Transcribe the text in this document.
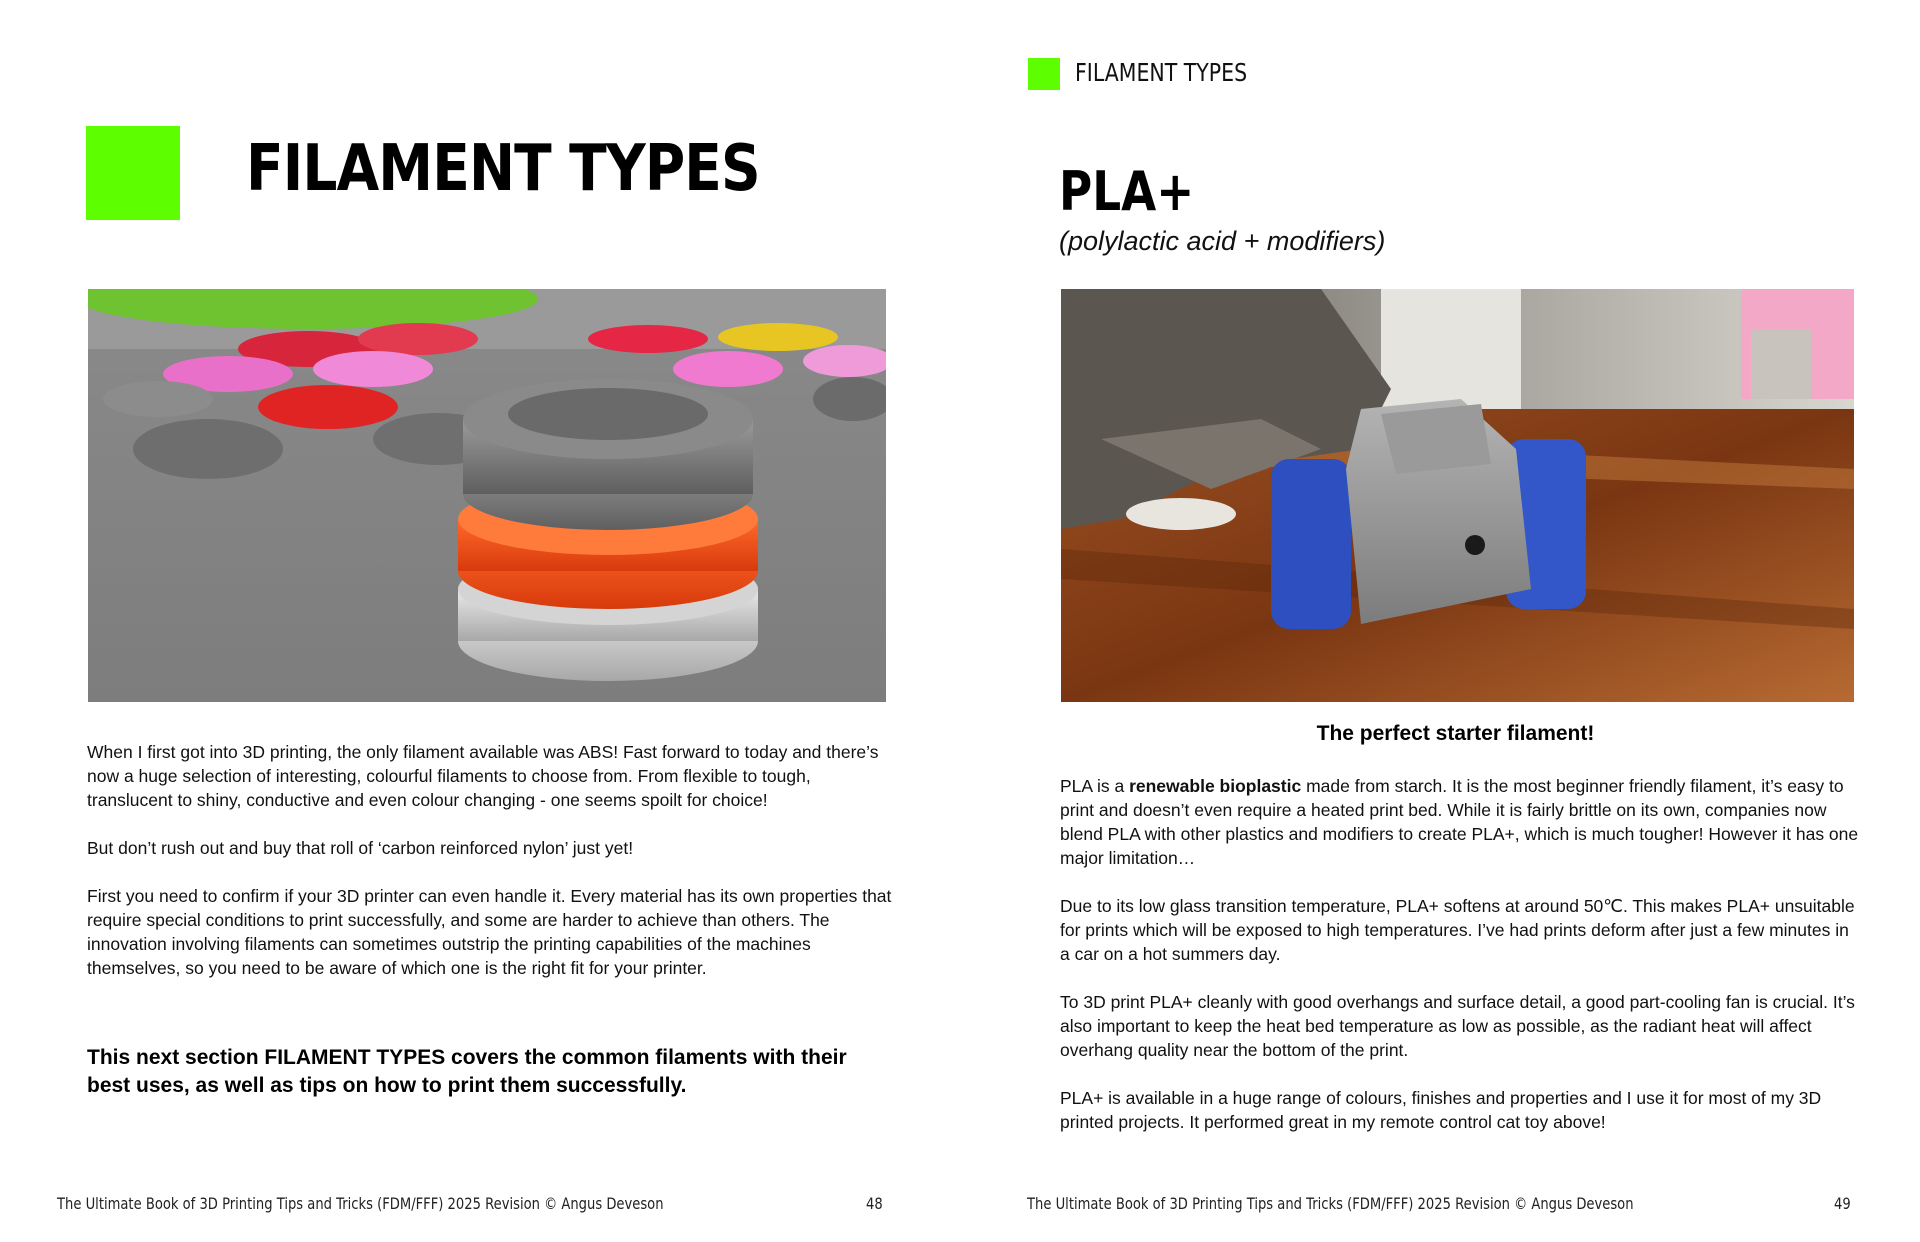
FILAMENT TYPES

When I first got into 3D printing, the only filament available was ABS! Fast forward to today and there’s now a huge selection of interesting, colourful filaments to choose from. From flexible to tough, translucent to shiny, conductive and even colour changing - one seems spoilt for choice!

But don’t rush out and buy that roll of ‘carbon reinforced nylon’ just yet!

First you need to confirm if your 3D printer can even handle it. Every material has its own properties that require special conditions to print successfully, and some are harder to achieve than others. The innovation involving filaments can sometimes outstrip the printing capabilities of the machines themselves, so you need to be aware of which one is the right fit for your printer.

This next section FILAMENT TYPES covers the common filaments with their best uses, as well as tips on how to print them successfully.
The Ultimate Book of 3D Printing Tips and Tricks (FDM/FFF) 2025 Revision © Angus Deveson	48
FILAMENT TYPES
PLA+
(polylactic acid + modifiers)
The perfect starter filament!

PLA is a renewable bioplastic made from starch. It is the most beginner friendly filament, it’s easy to print and doesn’t even require a heated print bed. While it is fairly brittle on its own, companies now blend PLA with other plastics and modifiers to create PLA+, which is much tougher! However it has one major limitation…

Due to its low glass transition temperature, PLA+ softens at around 50℃. This makes PLA+ unsuitable for prints which will be exposed to high temperatures. I’ve had prints deform after just a few minutes in a car on a hot summers day.

To 3D print PLA+ cleanly with good overhangs and surface detail, a good part-cooling fan is crucial. It’s also important to keep the heat bed temperature as low as possible, as the radiant heat will affect overhang quality near the bottom of the print.

PLA+ is available in a huge range of colours, finishes and properties and I use it for most of my 3D printed projects. It performed great in my remote control cat toy above!

The Ultimate Book of 3D Printing Tips and Tricks (FDM/FFF) 2025 Revision © Angus Deveson	49
